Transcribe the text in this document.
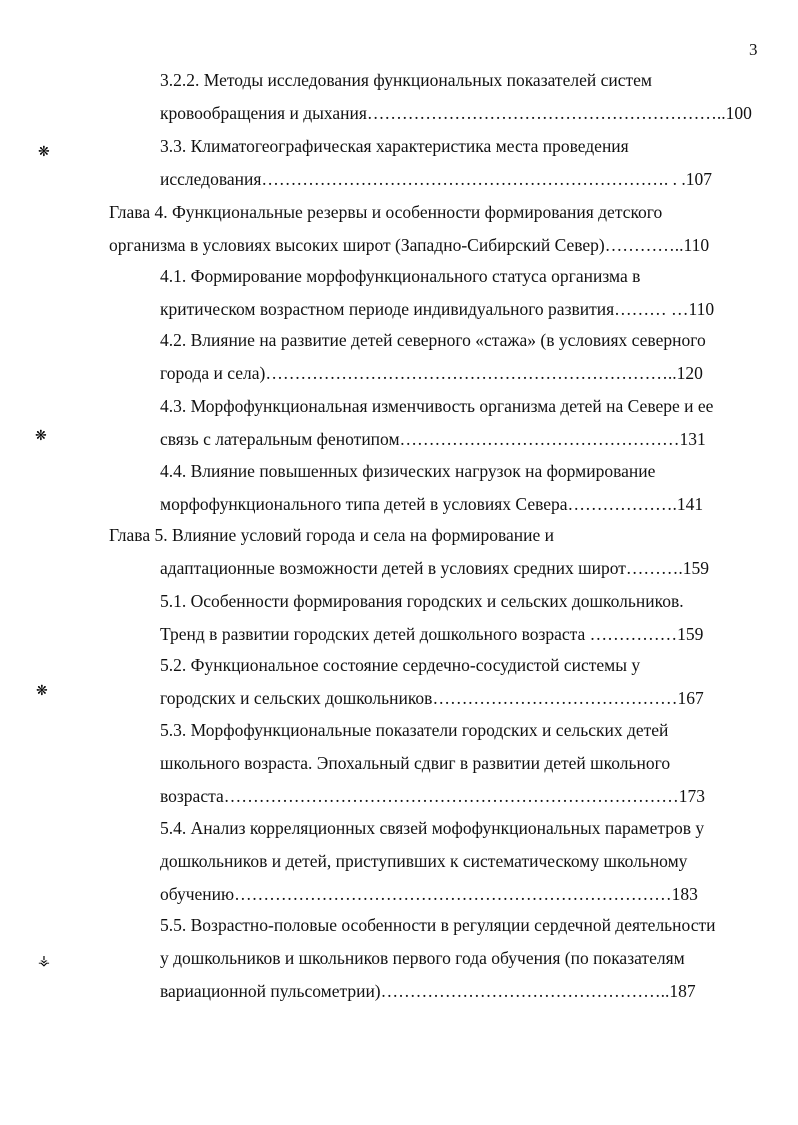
3
❋
❋
❋
⚶
3.2.2. Методы исследования функциональных показателей систем
кровообращения и дыхания……………………………………………………..100
3.3. Климатогеографическая характеристика места проведения
исследования……………………………………………………………. . .107
Глава 4. Функциональные резервы и особенности формирования детского
организма в условиях высоких широт (Западно-Сибирский Север)…………..110
4.1. Формирование морфофункционального статуса организма в
критическом возрастном периоде индивидуального развития……… …110
4.2. Влияние на развитие детей северного «стажа» (в условиях северного
города и села)……………………………………………………………..120
4.3. Морфофункциональная изменчивость организма детей на Севере и ее
связь с латеральным фенотипом…………………………………………131
4.4. Влияние повышенных физических нагрузок на формирование
морфофункционального типа детей в условиях Севера……………….141
Глава 5. Влияние условий города и села на формирование и
адаптационные возможности детей в условиях средних широт……….159
5.1. Особенности формирования городских и сельских дошкольников.
Тренд в развитии городских детей дошкольного возраста ……………159
5.2. Функциональное состояние сердечно-сосудистой системы у
городских и сельских дошкольников……………………………………167
5.3. Морфофункциональные показатели городских и сельских детей
школьного возраста. Эпохальный сдвиг в развитии детей школьного
возраста……………………………………………………………………173
5.4. Анализ корреляционных связей мофофункциональных параметров у
дошкольников и детей, приступивших к систематическому школьному
обучению…………………………………………………………………183
5.5. Возрастно-половые особенности в регуляции сердечной деятельности
у дошкольников и школьников первого года обучения (по показателям
вариационной пульсометрии)…………………………………………..187
